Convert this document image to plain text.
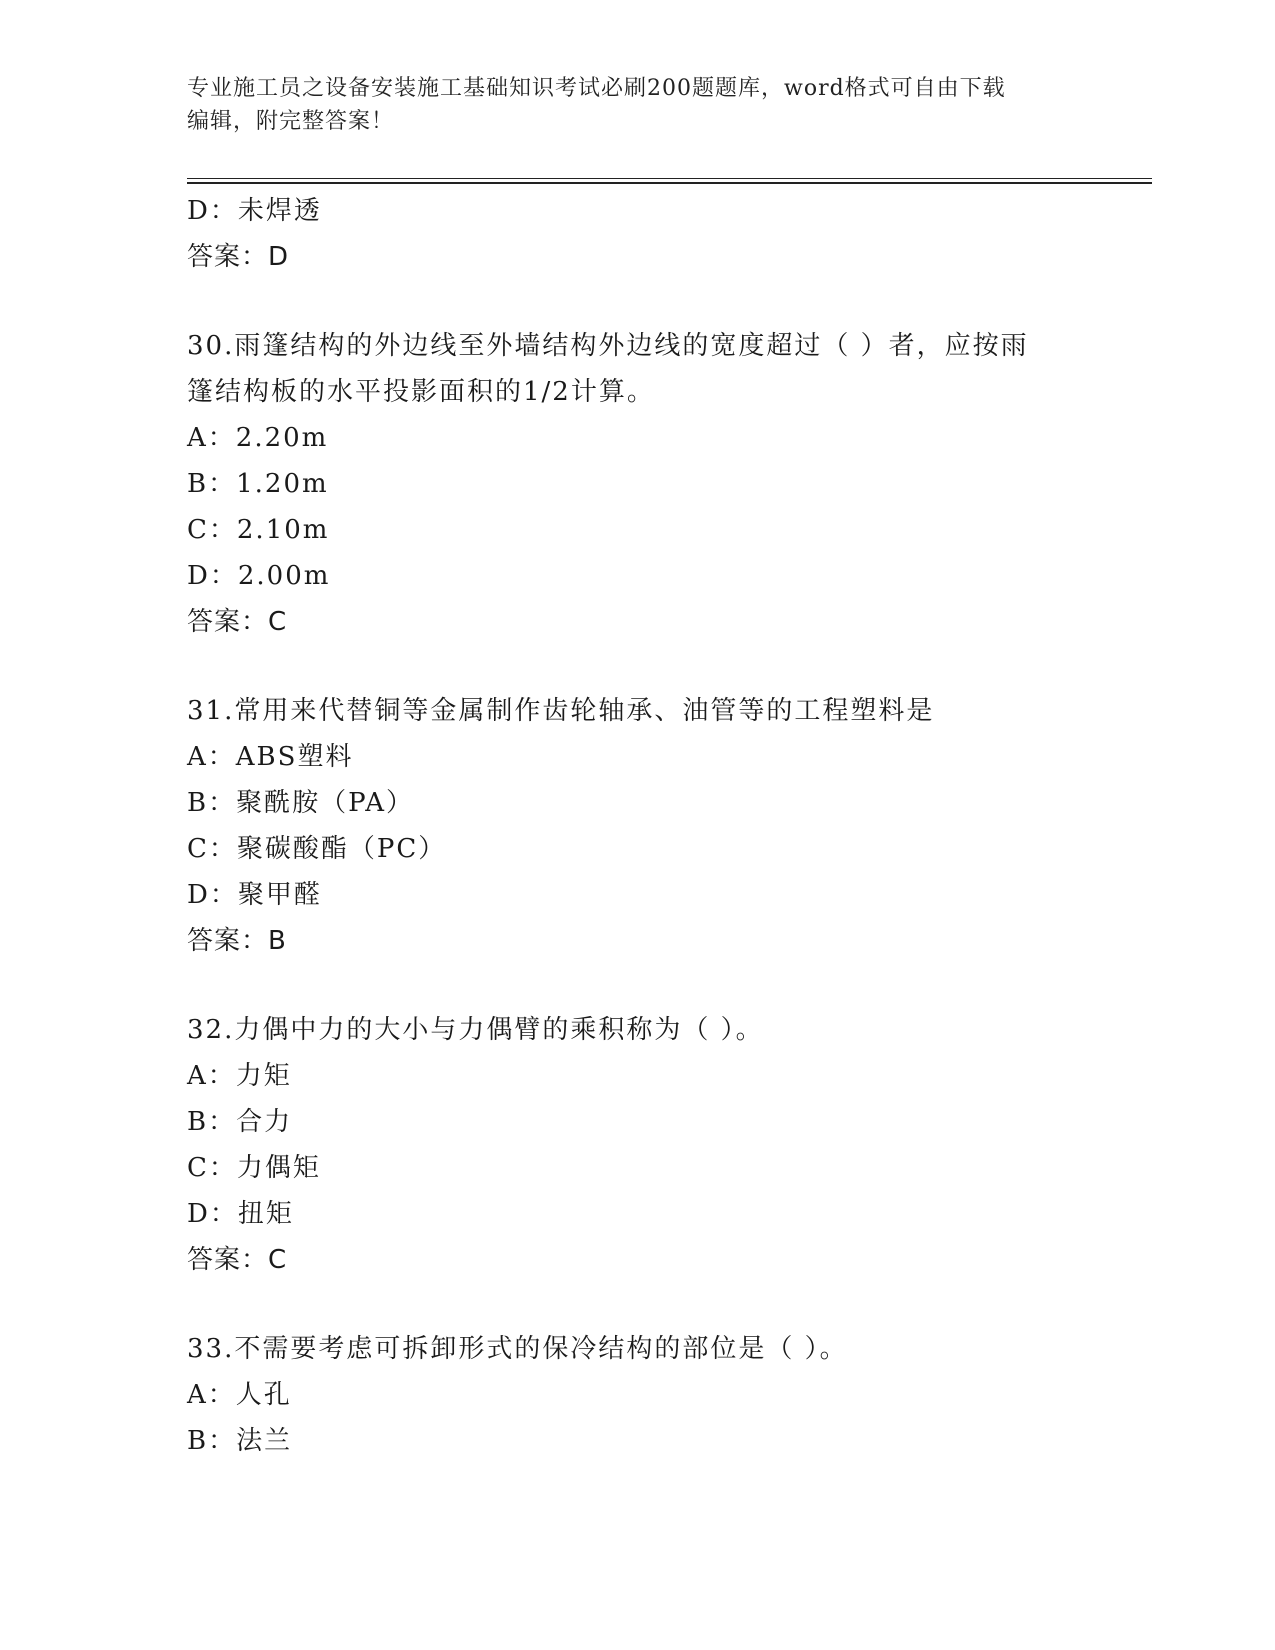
专业施工员之设备安装施工基础知识考试必刷200题题库，word格式可自由下载
编辑，附完整答案！
D：未焊透
答案：D
30.雨篷结构的外边线至外墙结构外边线的宽度超过（ ）者，应按雨
篷结构板的水平投影面积的1/2计算。
A：2.20m
B：1.20m
C：2.10m
D：2.00m
答案：C
31.常用来代替铜等金属制作齿轮轴承、油管等的工程塑料是
A：ABS塑料
B：聚酰胺（PA）
C：聚碳酸酯（PC）
D：聚甲醛
答案：B
32.力偶中力的大小与力偶臂的乘积称为（ ）。
A：力矩
B：合力
C：力偶矩
D：扭矩
答案：C
33.不需要考虑可拆卸形式的保冷结构的部位是（ ）。
A：人孔
B：法兰
